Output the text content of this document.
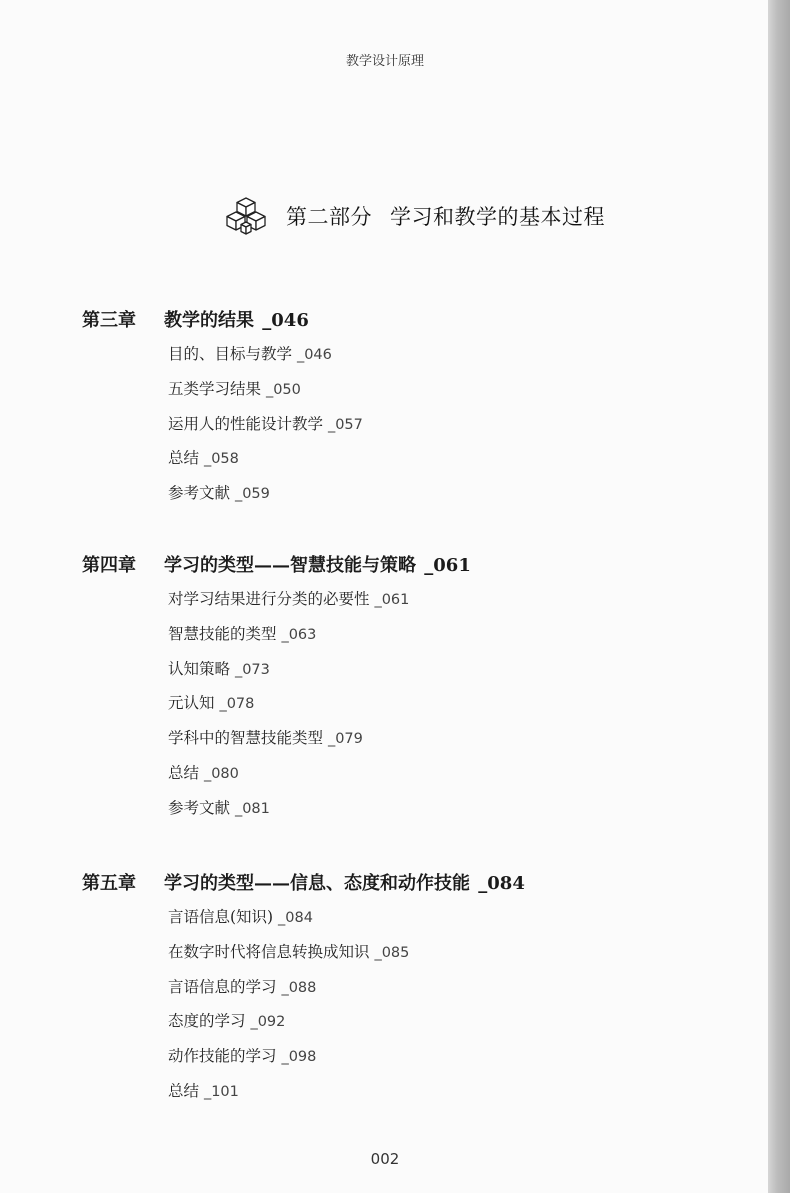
教学设计原理
第二部分 学习和教学的基本过程
第三章 教学的结果 _046
目的、目标与教学 _046
五类学习结果 _050
运用人的性能设计教学 _057
总结 _058
参考文献 _059
第四章 学习的类型——智慧技能与策略 _061
对学习结果进行分类的必要性 _061
智慧技能的类型 _063
认知策略 _073
元认知 _078
学科中的智慧技能类型 _079
总结 _080
参考文献 _081
第五章 学习的类型——信息、态度和动作技能 _084
言语信息(知识) _084
在数字时代将信息转换成知识 _085
言语信息的学习 _088
态度的学习 _092
动作技能的学习 _098
总结 _101
002
